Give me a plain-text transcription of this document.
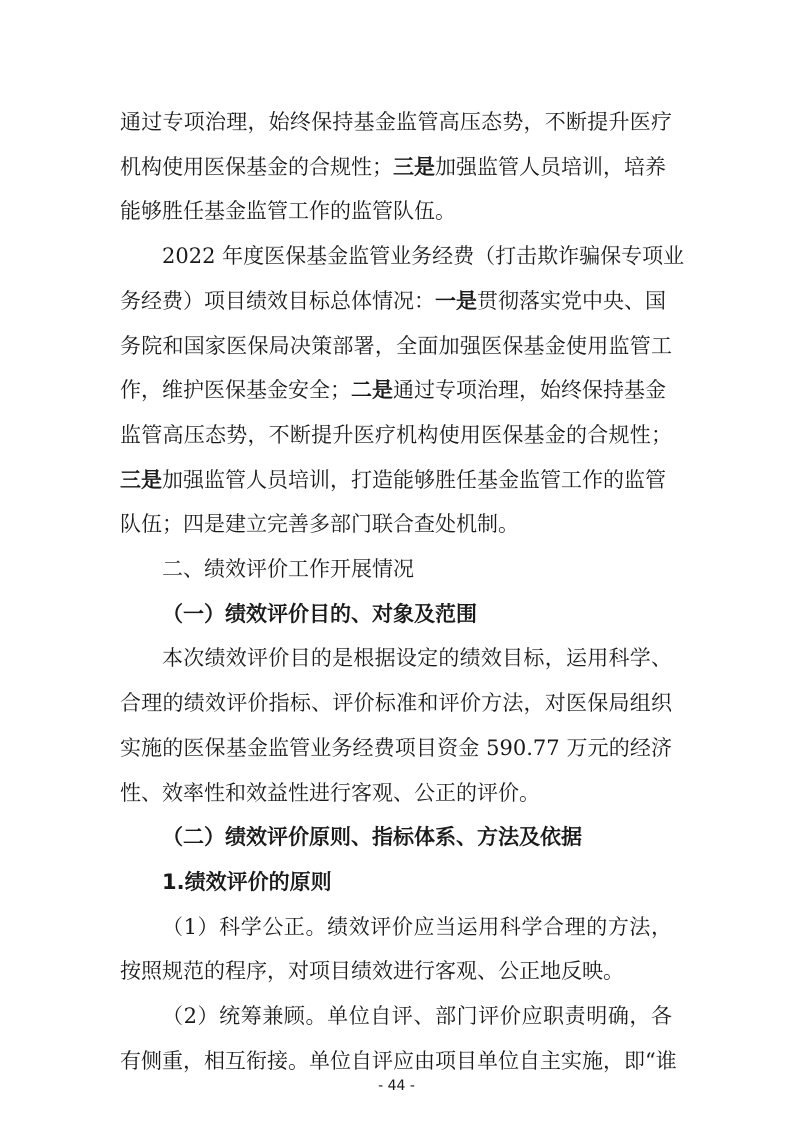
通过专项治理，始终保持基金监管高压态势，不断提升医疗
机构使用医保基金的合规性；三是加强监管人员培训，培养
能够胜任基金监管工作的监管队伍。
2022 年度医保基金监管业务经费（打击欺诈骗保专项业
务经费）项目绩效目标总体情况：一是贯彻落实党中央、国
务院和国家医保局决策部署，全面加强医保基金使用监管工
作，维护医保基金安全；二是通过专项治理，始终保持基金
监管高压态势，不断提升医疗机构使用医保基金的合规性；
三是加强监管人员培训，打造能够胜任基金监管工作的监管
队伍；四是建立完善多部门联合查处机制。
二、绩效评价工作开展情况
（一）绩效评价目的、对象及范围
本次绩效评价目的是根据设定的绩效目标，运用科学、
合理的绩效评价指标、评价标准和评价方法，对医保局组织
实施的医保基金监管业务经费项目资金 590.77 万元的经济
性、效率性和效益性进行客观、公正的评价。
（二）绩效评价原则、指标体系、方法及依据
1.绩效评价的原则
（1）科学公正。绩效评价应当运用科学合理的方法，
按照规范的程序，对项目绩效进行客观、公正地反映。
（2）统筹兼顾。单位自评、部门评价应职责明确，各
有侧重，相互衔接。单位自评应由项目单位自主实施，即“谁
- 44 -
